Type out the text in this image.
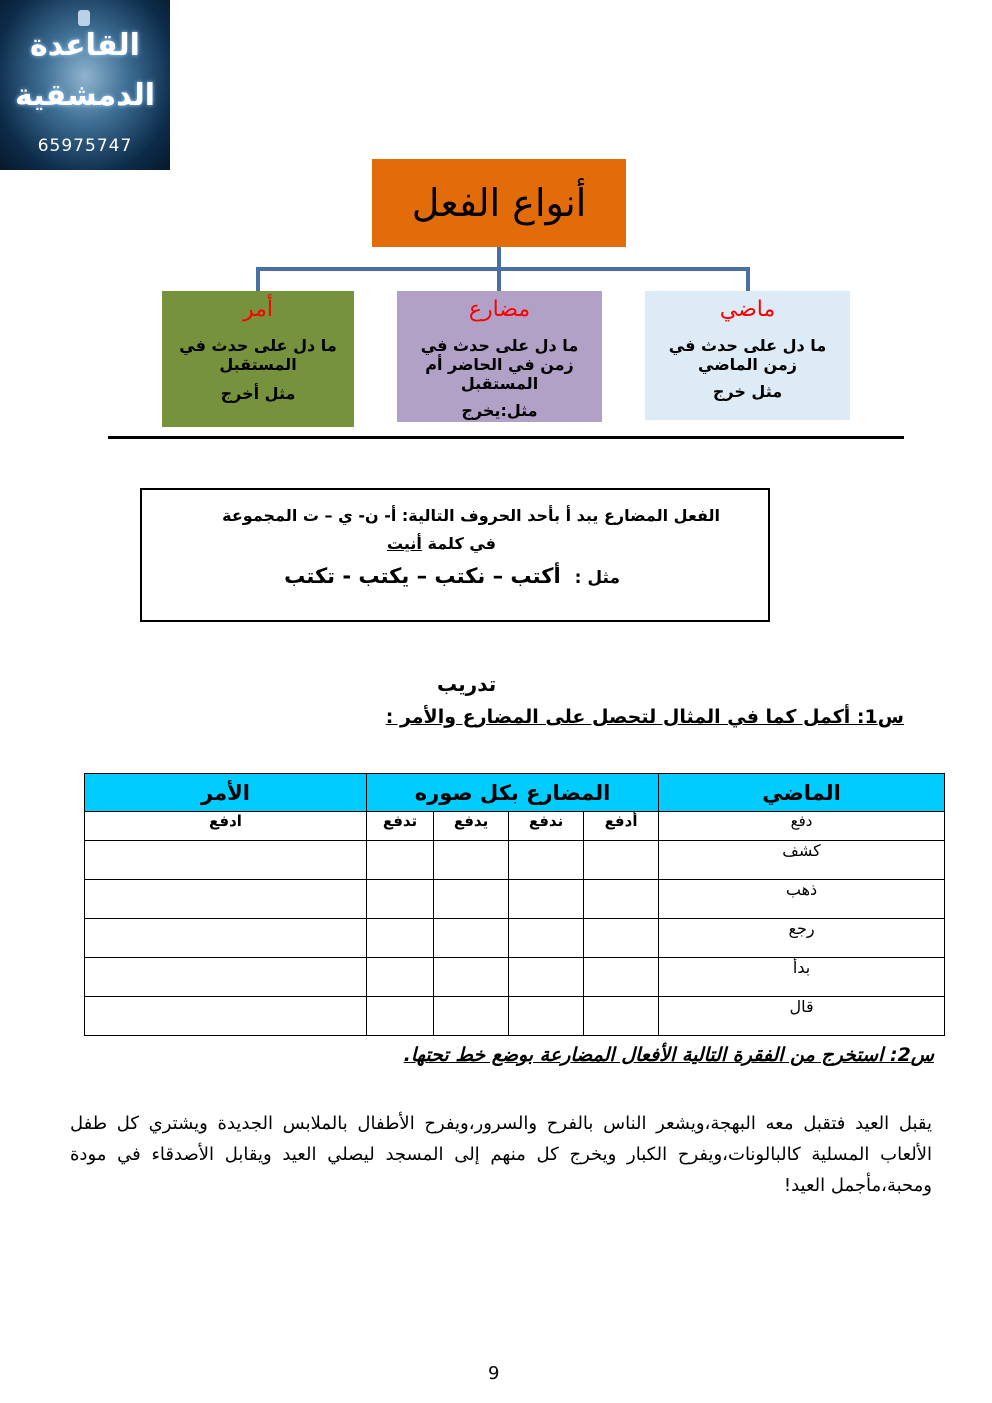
القاعدة
الدمشقية
65975747
أنواع الفعل
ماضي
ما دل على حدث في زمن الماضي
مثل خرج
مضارع
ما دل على حدث في زمن في الحاضر أم المستقبل
مثل:يخرج
أمر
ما دل على حدث في المستقبل
مثل أخرج
الفعل المضارع يبد أ بأحد الحروف التالية: أ- ن- ي – ت المجموعة
في كلمة أنيت
مثل :أكتب – نكتب – يكتب - تكتب
تدريب
س1: أكمل كما في المثال لتحصل على المضارع والأمر :
الماضي	المضارع بكل صوره				الأمر
دفع	أدفع	ندفع	يدفع	تدفع	ادفع
كشف					
ذهب					
رجع					
بدأ					
قال					
س2: استخرج من الفقرة التالية الأفعال المضارعة بوضع خط تحتها.
يقبل العيد فتقبل معه البهجة،ويشعر الناس بالفرح والسرور،ويفرح الأطفال بالملابس الجديدة ويشتري كل طفل الألعاب المسلية كالبالونات،ويفرح الكبار ويخرج كل منهم إلى المسجد ليصلي العيد ويقابل الأصدقاء في مودة ومحبة،مأجمل العيد!
9
